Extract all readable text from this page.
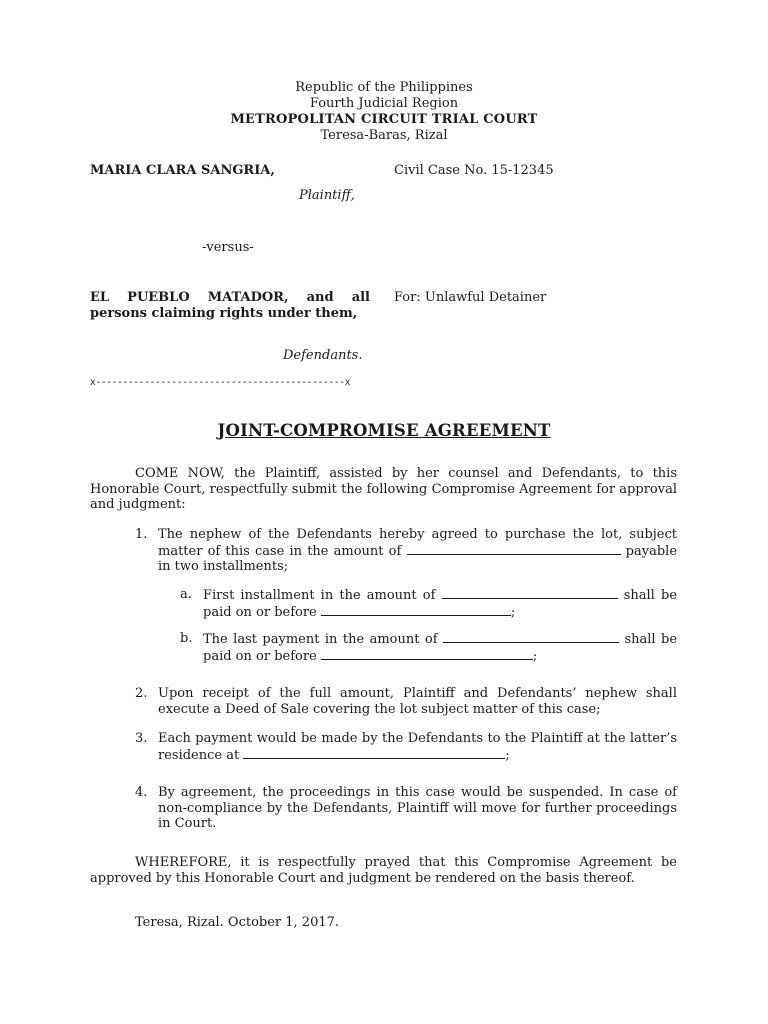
Republic of the Philippines
Fourth Judicial Region
METROPOLITAN CIRCUIT TRIAL COURT
Teresa-Baras, Rizal
MARIA CLARA SANGRIA,	Civil Case No. 15-12345
Plaintiff,
-versus-
EL PUEBLO MATADOR, and all persons claiming rights under them,
For: Unlawful Detainer
Defendants.
x----------------------------------------------x
JOINT-COMPROMISE AGREEMENT
COME NOW, the Plaintiff, assisted by her counsel and Defendants, to this Honorable Court, respectfully submit the following Compromise Agreement for approval and judgment:
1. The nephew of the Defendants hereby agreed to purchase the lot, subject matter of this case in the amount of	payable in two installments;
a. First installment in the amount of	shall be paid on or before	;
b. The last payment in the amount of	shall be paid on or before	;
2. Upon receipt of the full amount, Plaintiff and Defendants’ nephew shall execute a Deed of Sale covering the lot subject matter of this case;
3. Each payment would be made by the Defendants to the Plaintiff at the latter’s residence at	;
4. By agreement, the proceedings in this case would be suspended. In case of non-compliance by the Defendants, Plaintiff will move for further proceedings in Court.
WHEREFORE, it is respectfully prayed that this Compromise Agreement be approved by this Honorable Court and judgment be rendered on the basis thereof.
Teresa, Rizal. October 1, 2017.
